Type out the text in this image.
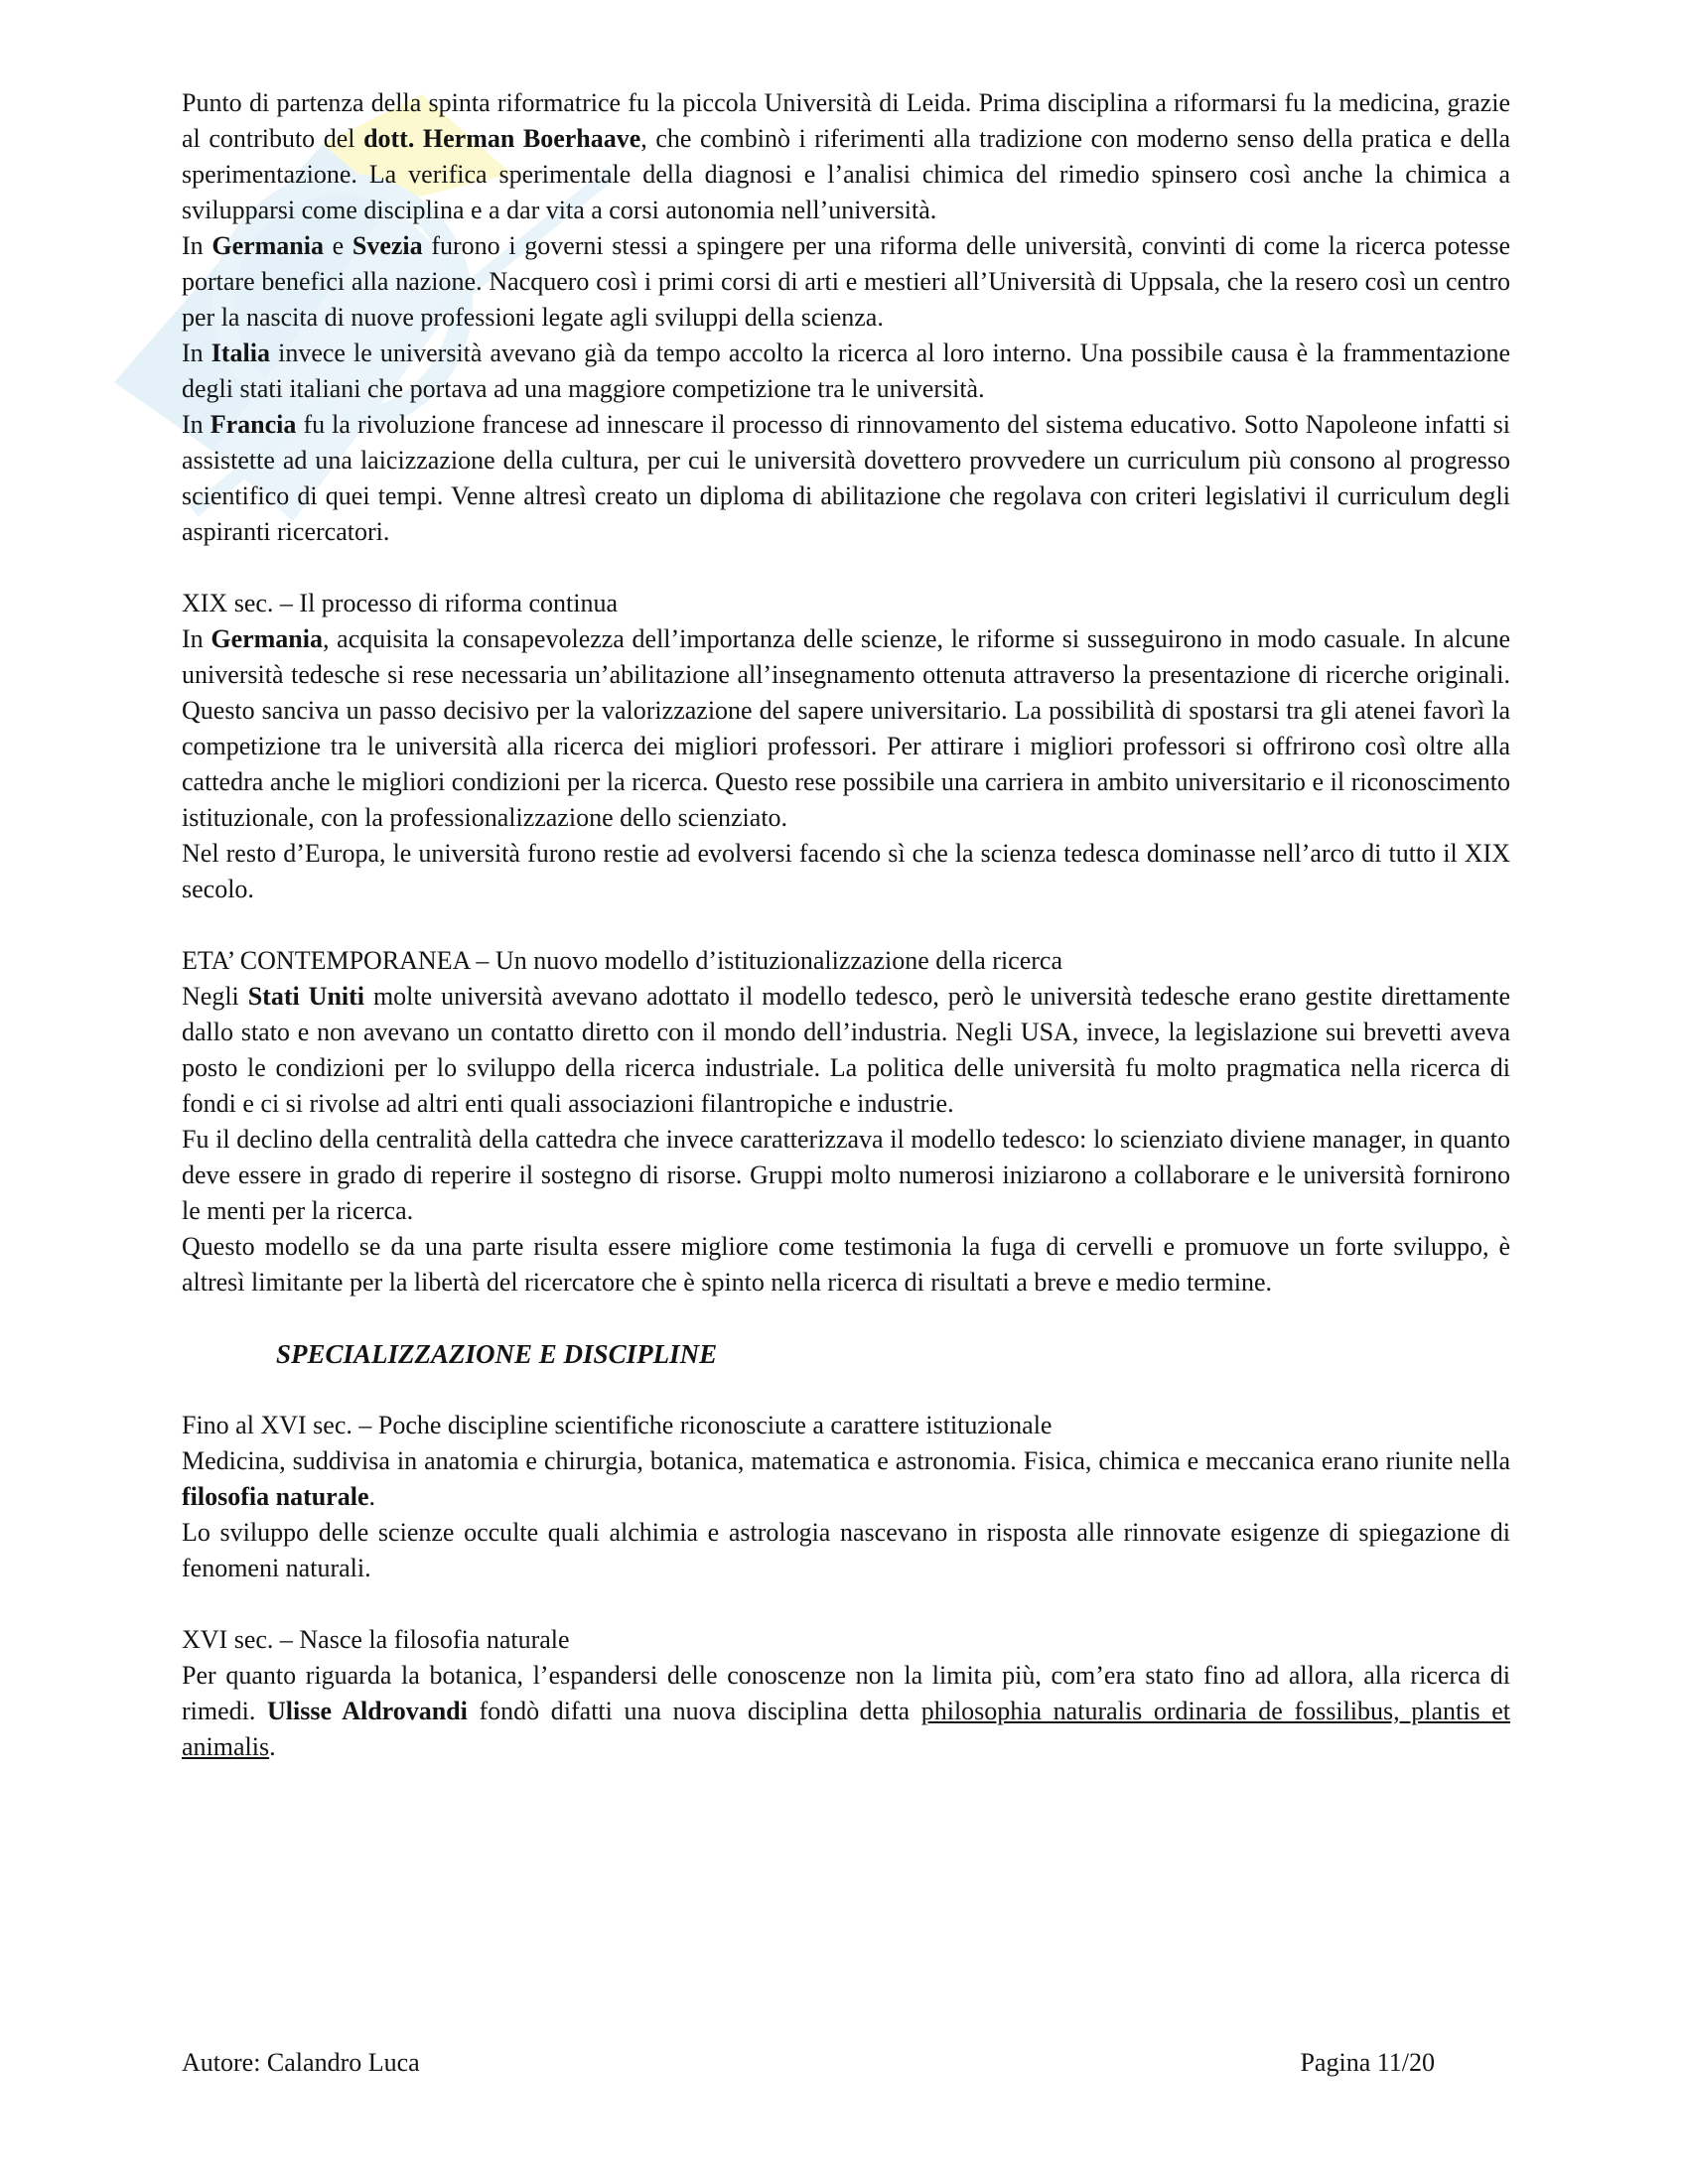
Punto di partenza della spinta riformatrice fu la piccola Università di Leida. Prima disciplina a riformarsi fu la medicina, grazie al contributo del dott. Herman Boerhaave, che combinò i riferimenti alla tradizione con moderno senso della pratica e della sperimentazione. La verifica sperimentale della diagnosi e l’analisi chimica del rimedio spinsero così anche la chimica a svilupparsi come disciplina e a dar vita a corsi autonomia nell’università.

In Germania e Svezia furono i governi stessi a spingere per una riforma delle università, convinti di come la ricerca potesse portare benefici alla nazione. Nacquero così i primi corsi di arti e mestieri all’Università di Uppsala, che la resero così un centro per la nascita di nuove professioni legate agli sviluppi della scienza.

In Italia invece le università avevano già da tempo accolto la ricerca al loro interno. Una possibile causa è la frammentazione degli stati italiani che portava ad una maggiore competizione tra le università.

In Francia fu la rivoluzione francese ad innescare il processo di rinnovamento del sistema educativo. Sotto Napoleone infatti si assistette ad una laicizzazione della cultura, per cui le università dovettero provvedere un curriculum più consono al progresso scientifico di quei tempi. Venne altresì creato un diploma di abilitazione che regolava con criteri legislativi il curriculum degli aspiranti ricercatori.

XIX sec. – Il processo di riforma continua

In Germania, acquisita la consapevolezza dell’importanza delle scienze, le riforme si susseguirono in modo casuale. In alcune università tedesche si rese necessaria un’abilitazione all’insegnamento ottenuta attraverso la presentazione di ricerche originali. Questo sanciva un passo decisivo per la valorizzazione del sapere universitario. La possibilità di spostarsi tra gli atenei favorì la competizione tra le università alla ricerca dei migliori professori. Per attirare i migliori professori si offrirono così oltre alla cattedra anche le migliori condizioni per la ricerca. Questo rese possibile una carriera in ambito universitario e il riconoscimento istituzionale, con la professionalizzazione dello scienziato.

Nel resto d’Europa, le università furono restie ad evolversi facendo sì che la scienza tedesca dominasse nell’arco di tutto il XIX secolo.

ETA’ CONTEMPORANEA – Un nuovo modello d’istituzionalizzazione della ricerca

Negli Stati Uniti molte università avevano adottato il modello tedesco, però le università tedesche erano gestite direttamente dallo stato e non avevano un contatto diretto con il mondo dell’industria. Negli USA, invece, la legislazione sui brevetti aveva posto le condizioni per lo sviluppo della ricerca industriale. La politica delle università fu molto pragmatica nella ricerca di fondi e ci si rivolse ad altri enti quali associazioni filantropiche e industrie.

Fu il declino della centralità della cattedra che invece caratterizzava il modello tedesco: lo scienziato diviene manager, in quanto deve essere in grado di reperire il sostegno di risorse. Gruppi molto numerosi iniziarono a collaborare e le università fornirono le menti per la ricerca.

Questo modello se da una parte risulta essere migliore come testimonia la fuga di cervelli e promuove un forte sviluppo, è altresì limitante per la libertà del ricercatore che è spinto nella ricerca di risultati a breve e medio termine.

SPECIALIZZAZIONE E DISCIPLINE

Fino al XVI sec. – Poche discipline scientifiche riconosciute a carattere istituzionale

Medicina, suddivisa in anatomia e chirurgia, botanica, matematica e astronomia. Fisica, chimica e meccanica erano riunite nella filosofia naturale.

Lo sviluppo delle scienze occulte quali alchimia e astrologia nascevano in risposta alle rinnovate esigenze di spiegazione di fenomeni naturali.

XVI sec. – Nasce la filosofia naturale

Per quanto riguarda la botanica, l’espandersi delle conoscenze non la limita più, com’era stato fino ad allora, alla ricerca di rimedi. Ulisse Aldrovandi fondò difatti una nuova disciplina detta philosophia naturalis ordinaria de fossilibus, plantis et animalis.

Autore: Calandro Luca	Pagina 11/20
